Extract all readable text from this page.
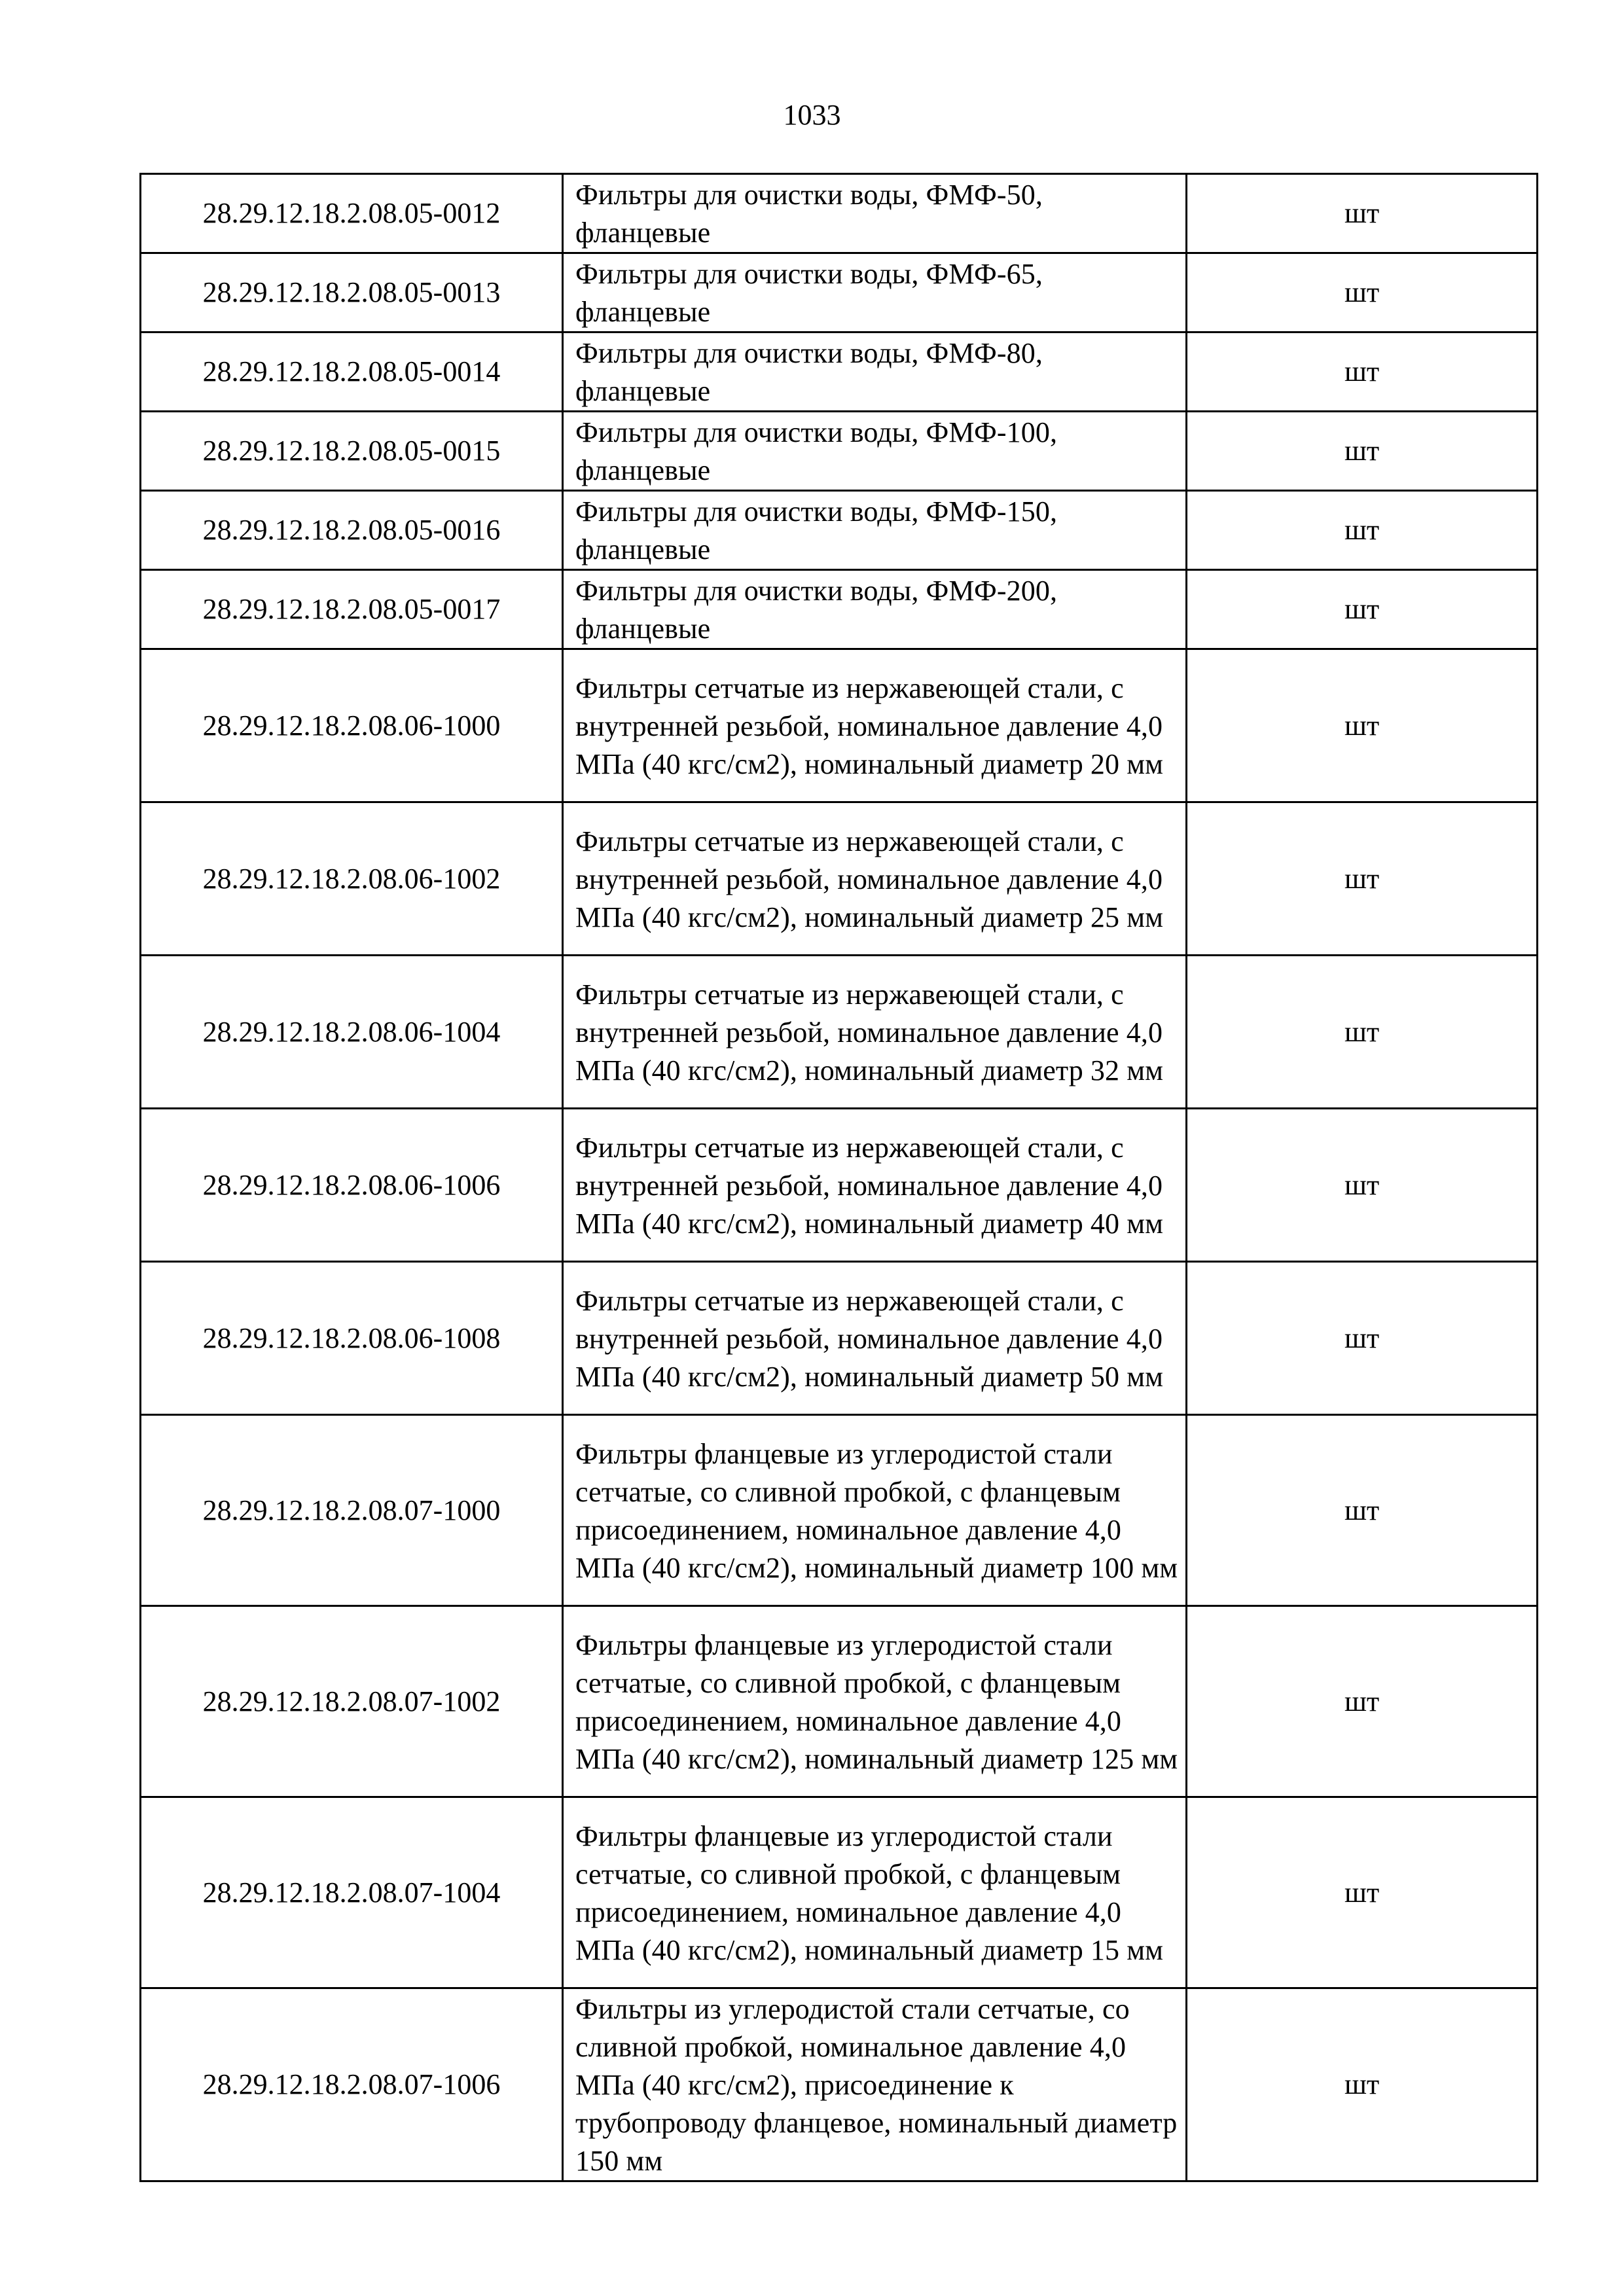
1033
28.29.12.18.2.08.05-0012	Фильтры для очистки воды, ФМФ-50, фланцевые	шт
28.29.12.18.2.08.05-0013	Фильтры для очистки воды, ФМФ-65, фланцевые	шт
28.29.12.18.2.08.05-0014	Фильтры для очистки воды, ФМФ-80, фланцевые	шт
28.29.12.18.2.08.05-0015	Фильтры для очистки воды, ФМФ-100, фланцевые	шт
28.29.12.18.2.08.05-0016	Фильтры для очистки воды, ФМФ-150, фланцевые	шт
28.29.12.18.2.08.05-0017	Фильтры для очистки воды, ФМФ-200, фланцевые	шт
28.29.12.18.2.08.06-1000	Фильтры сетчатые из нержавеющей стали, с внутренней резьбой, номинальное давление 4,0 МПа (40 кгс/см2), номинальный диаметр 20 мм	шт
28.29.12.18.2.08.06-1002	Фильтры сетчатые из нержавеющей стали, с внутренней резьбой, номинальное давление 4,0 МПа (40 кгс/см2), номинальный диаметр 25 мм	шт
28.29.12.18.2.08.06-1004	Фильтры сетчатые из нержавеющей стали, с внутренней резьбой, номинальное давление 4,0 МПа (40 кгс/см2), номинальный диаметр 32 мм	шт
28.29.12.18.2.08.06-1006	Фильтры сетчатые из нержавеющей стали, с внутренней резьбой, номинальное давление 4,0 МПа (40 кгс/см2), номинальный диаметр 40 мм	шт
28.29.12.18.2.08.06-1008	Фильтры сетчатые из нержавеющей стали, с внутренней резьбой, номинальное давление 4,0 МПа (40 кгс/см2), номинальный диаметр 50 мм	шт
28.29.12.18.2.08.07-1000	Фильтры фланцевые из углеродистой стали сетчатые, со сливной пробкой, с фланцевым присоединением, номинальное давление 4,0 МПа (40 кгс/см2), номинальный диаметр 100 мм	шт
28.29.12.18.2.08.07-1002	Фильтры фланцевые из углеродистой стали сетчатые, со сливной пробкой, с фланцевым присоединением, номинальное давление 4,0 МПа (40 кгс/см2), номинальный диаметр 125 мм	шт
28.29.12.18.2.08.07-1004	Фильтры фланцевые из углеродистой стали сетчатые, со сливной пробкой, с фланцевым присоединением, номинальное давление 4,0 МПа (40 кгс/см2), номинальный диаметр 15 мм	шт
28.29.12.18.2.08.07-1006	Фильтры из углеродистой стали сетчатые, со сливной пробкой, номинальное давление 4,0 МПа (40 кгс/см2), присоединение к трубопроводу фланцевое, номинальный диаметр 150 мм	шт
